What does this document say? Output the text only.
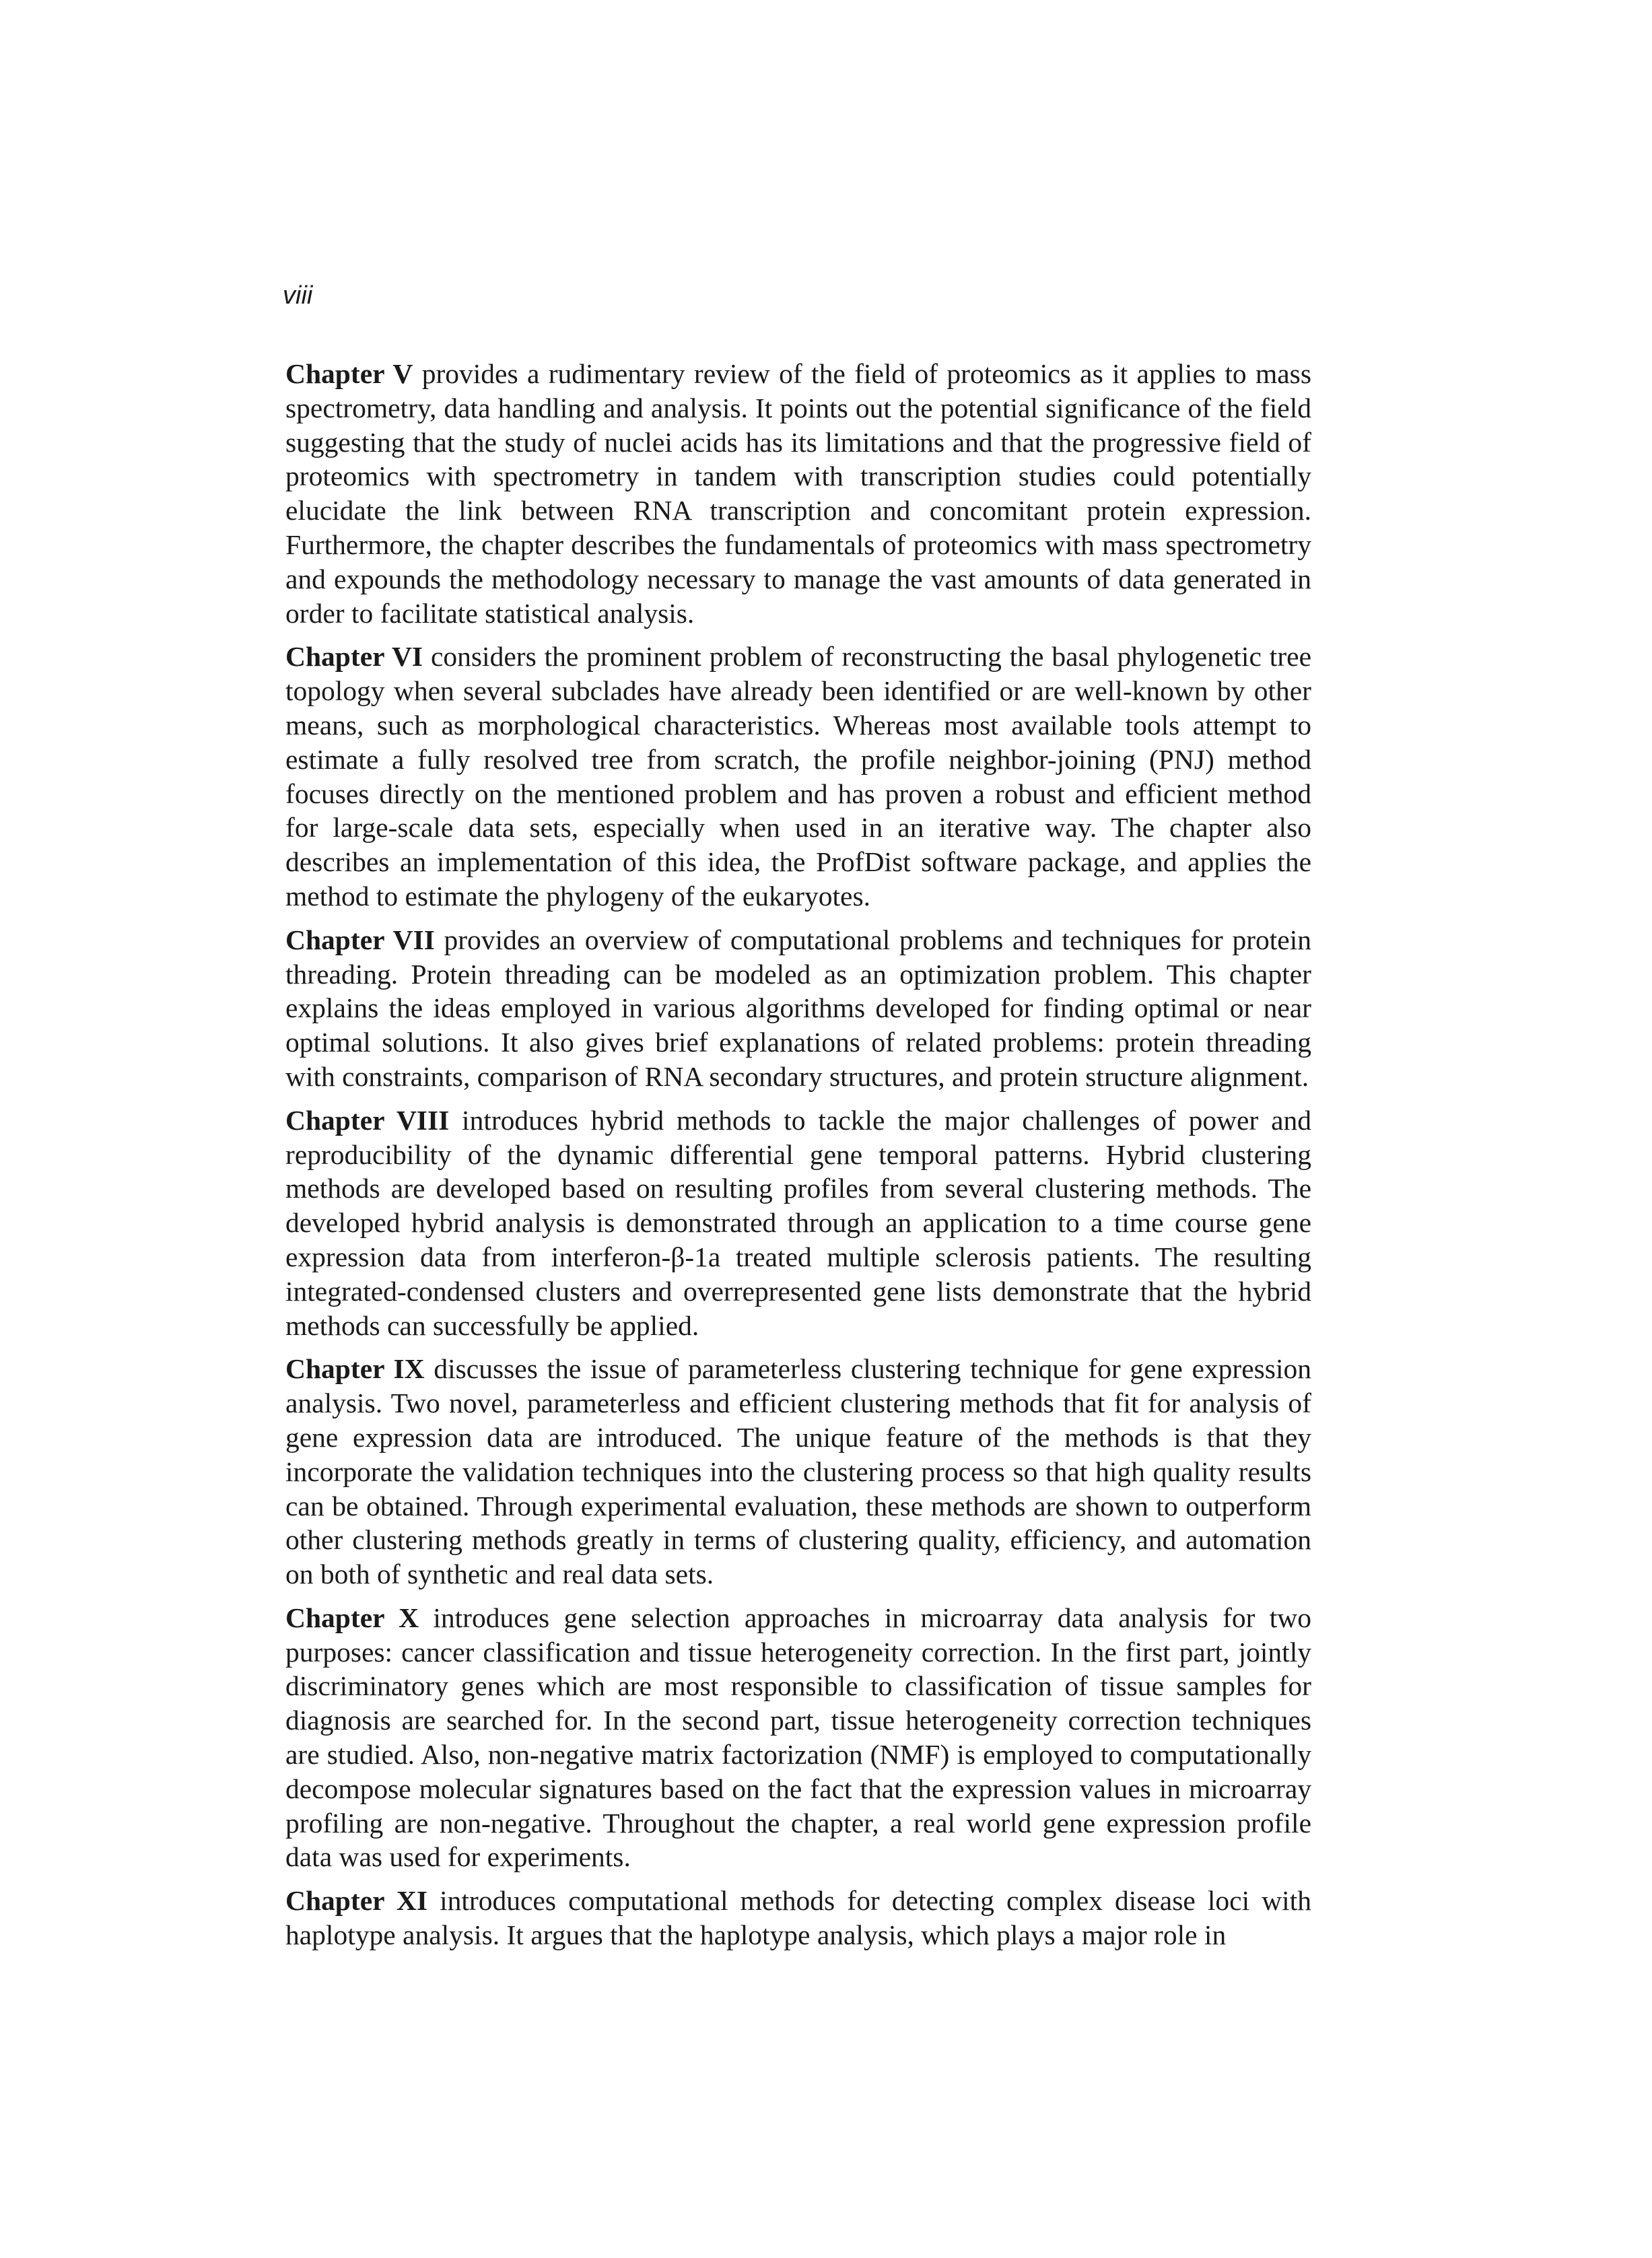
viii

Chapter V provides a rudimentary review of the field of proteomics as it applies to mass spectrometry, data handling and analysis. It points out the potential significance of the field suggesting that the study of nuclei acids has its limitations and that the progressive field of proteomics with spectrometry in tandem with transcription studies could potentially elucidate the link between RNA transcription and concomitant protein expression. Furthermore, the chapter describes the fundamentals of proteomics with mass spectrometry and expounds the methodology necessary to manage the vast amounts of data generated in order to facilitate statistical analysis.

Chapter VI considers the prominent problem of reconstructing the basal phylogenetic tree topology when several subclades have already been identified or are well-known by other means, such as morphological characteristics. Whereas most available tools attempt to estimate a fully resolved tree from scratch, the profile neighbor-joining (PNJ) method focuses directly on the mentioned problem and has proven a robust and efficient method for large-scale data sets, especially when used in an iterative way. The chapter also describes an implementation of this idea, the ProfDist software package, and applies the method to estimate the phylogeny of the eukaryotes.

Chapter VII provides an overview of computational problems and techniques for protein threading. Protein threading can be modeled as an optimization problem. This chapter explains the ideas employed in various algorithms developed for finding optimal or near optimal solutions. It also gives brief explanations of related problems: protein threading with constraints, comparison of RNA secondary structures, and protein structure alignment.

Chapter VIII introduces hybrid methods to tackle the major challenges of power and reproducibility of the dynamic differential gene temporal patterns. Hybrid clustering methods are developed based on resulting profiles from several clustering methods. The developed hybrid analysis is demonstrated through an application to a time course gene expression data from interferon-β-1a treated multiple sclerosis patients. The resulting integrated-condensed clusters and overrepresented gene lists demonstrate that the hybrid methods can successfully be applied.

Chapter IX discusses the issue of parameterless clustering technique for gene expression analysis. Two novel, parameterless and efficient clustering methods that fit for analysis of gene expression data are introduced. The unique feature of the methods is that they incorporate the validation techniques into the clustering process so that high quality results can be obtained. Through experimental evaluation, these methods are shown to outperform other clustering methods greatly in terms of clustering quality, efficiency, and automation on both of synthetic and real data sets.

Chapter X introduces gene selection approaches in microarray data analysis for two purposes: cancer classification and tissue heterogeneity correction. In the first part, jointly discriminatory genes which are most responsible to classification of tissue samples for diagnosis are searched for. In the second part, tissue heterogeneity correction techniques are studied. Also, non-negative matrix factorization (NMF) is employed to computationally decompose molecular signatures based on the fact that the expression values in microarray profiling are non-negative. Throughout the chapter, a real world gene expression profile data was used for experiments.

Chapter XI introduces computational methods for detecting complex disease loci with haplotype analysis. It argues that the haplotype analysis, which plays a major role in
